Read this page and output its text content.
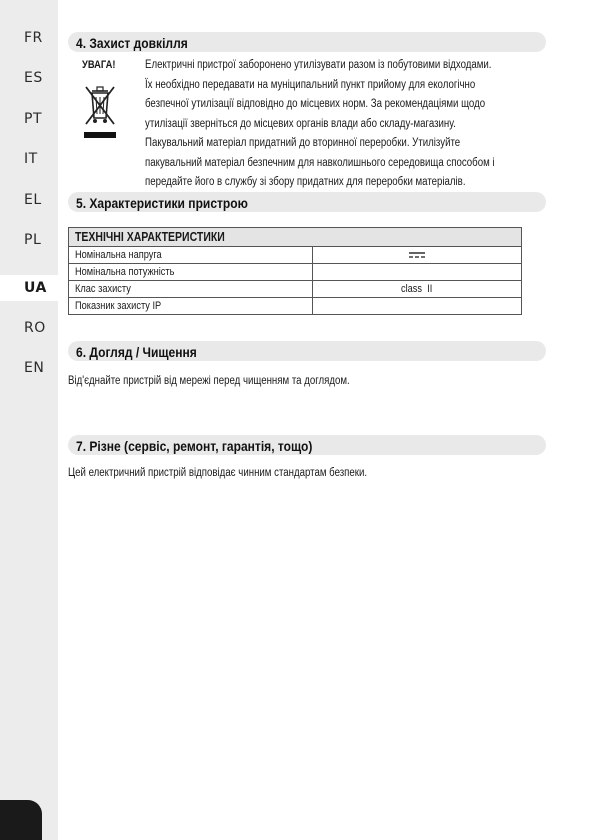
FR
ES
PT
IT
EL
PL
UA
RO
EN
4. Захист довкілля
УВАГА!	Електричні пристрої заборонено утилізувати разом із побутовими відходами.
Їх необхідно передавати на муніципальний пункт прийому для екологічно
безпечної утилізації відповідно до місцевих норм. За рекомендаціями щодо
утилізації зверніться до місцевих органів влади або складу-магазину.
Пакувальний матеріал придатний до вторинної переробки. Утилізуйте
пакувальний матеріал безпечним для навколишнього середовища способом і
передайте його в службу зі збору придатних для переробки матеріалів.
5. Характеристики пристрою
ТЕХНІЧНІ ХАРАКТЕРИСТИКИ
Номінальна напруга
Номінальна потужність
Клас захисту	class  II
Показник захисту IP
6. Догляд / Чищення
Від'єднайте пристрій від мережі перед чищенням та доглядом.
7. Різне (сервіс, ремонт, гарантія, тощо)
Цей електричний пристрій відповідає чинним стандартам безпеки.
